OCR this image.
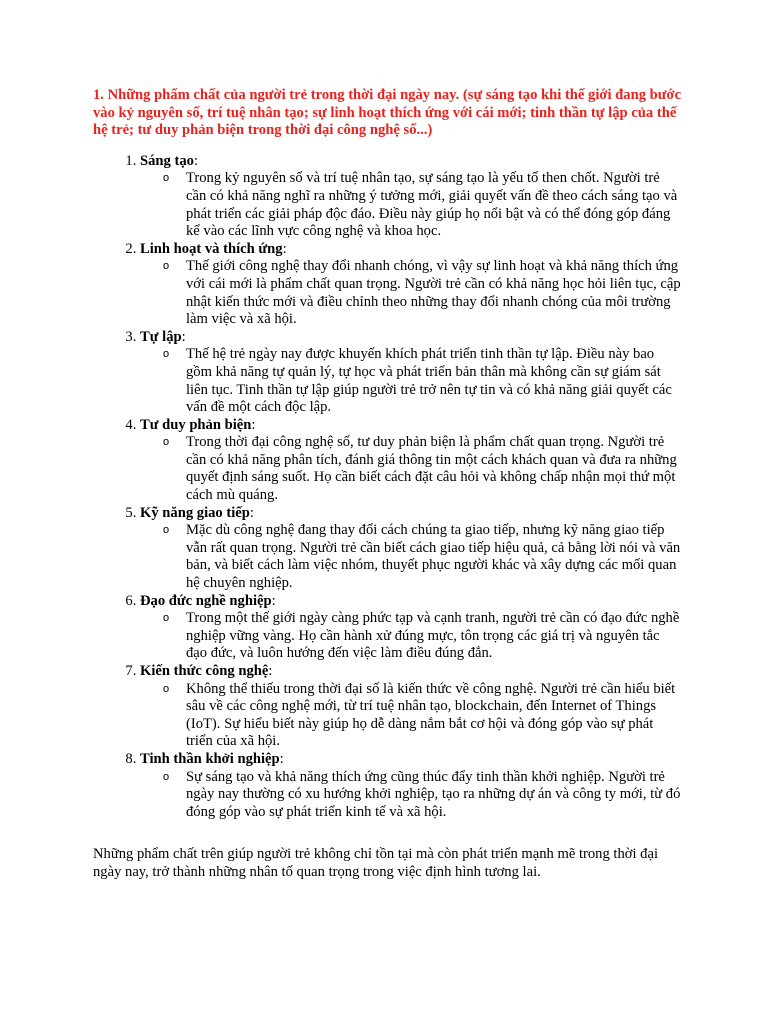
1. Những phẩm chất của người trẻ trong thời đại ngày nay. (sự sáng tạo khi thế giới đang bước vào kỷ nguyên số, trí tuệ nhân tạo; sự linh hoạt thích ứng với cái mới; tinh thần tự lập của thế hệ trẻ; tư duy phản biện trong thời đại công nghệ số...)

1. Sáng tạo:
o Trong kỷ nguyên số và trí tuệ nhân tạo, sự sáng tạo là yếu tố then chốt. Người trẻ cần có khả năng nghĩ ra những ý tưởng mới, giải quyết vấn đề theo cách sáng tạo và phát triển các giải pháp độc đáo. Điều này giúp họ nổi bật và có thể đóng góp đáng kể vào các lĩnh vực công nghệ và khoa học.
2. Linh hoạt và thích ứng:
o Thế giới công nghệ thay đổi nhanh chóng, vì vậy sự linh hoạt và khả năng thích ứng với cái mới là phẩm chất quan trọng. Người trẻ cần có khả năng học hỏi liên tục, cập nhật kiến thức mới và điều chỉnh theo những thay đổi nhanh chóng của môi trường làm việc và xã hội.
3. Tự lập:
o Thế hệ trẻ ngày nay được khuyến khích phát triển tinh thần tự lập. Điều này bao gồm khả năng tự quản lý, tự học và phát triển bản thân mà không cần sự giám sát liên tục. Tinh thần tự lập giúp người trẻ trở nên tự tin và có khả năng giải quyết các vấn đề một cách độc lập.
4. Tư duy phản biện:
o Trong thời đại công nghệ số, tư duy phản biện là phẩm chất quan trọng. Người trẻ cần có khả năng phân tích, đánh giá thông tin một cách khách quan và đưa ra những quyết định sáng suốt. Họ cần biết cách đặt câu hỏi và không chấp nhận mọi thứ một cách mù quáng.
5. Kỹ năng giao tiếp:
o Mặc dù công nghệ đang thay đổi cách chúng ta giao tiếp, nhưng kỹ năng giao tiếp vẫn rất quan trọng. Người trẻ cần biết cách giao tiếp hiệu quả, cả bằng lời nói và văn bản, và biết cách làm việc nhóm, thuyết phục người khác và xây dựng các mối quan hệ chuyên nghiệp.
6. Đạo đức nghề nghiệp:
o Trong một thế giới ngày càng phức tạp và cạnh tranh, người trẻ cần có đạo đức nghề nghiệp vững vàng. Họ cần hành xử đúng mực, tôn trọng các giá trị và nguyên tắc đạo đức, và luôn hướng đến việc làm điều đúng đắn.
7. Kiến thức công nghệ:
o Không thể thiếu trong thời đại số là kiến thức về công nghệ. Người trẻ cần hiểu biết sâu về các công nghệ mới, từ trí tuệ nhân tạo, blockchain, đến Internet of Things (IoT). Sự hiểu biết này giúp họ dễ dàng nắm bắt cơ hội và đóng góp vào sự phát triển của xã hội.
8. Tinh thần khởi nghiệp:
o Sự sáng tạo và khả năng thích ứng cũng thúc đẩy tinh thần khởi nghiệp. Người trẻ ngày nay thường có xu hướng khởi nghiệp, tạo ra những dự án và công ty mới, từ đó đóng góp vào sự phát triển kinh tế và xã hội.

Những phẩm chất trên giúp người trẻ không chỉ tồn tại mà còn phát triển mạnh mẽ trong thời đại ngày nay, trở thành những nhân tố quan trọng trong việc định hình tương lai.
